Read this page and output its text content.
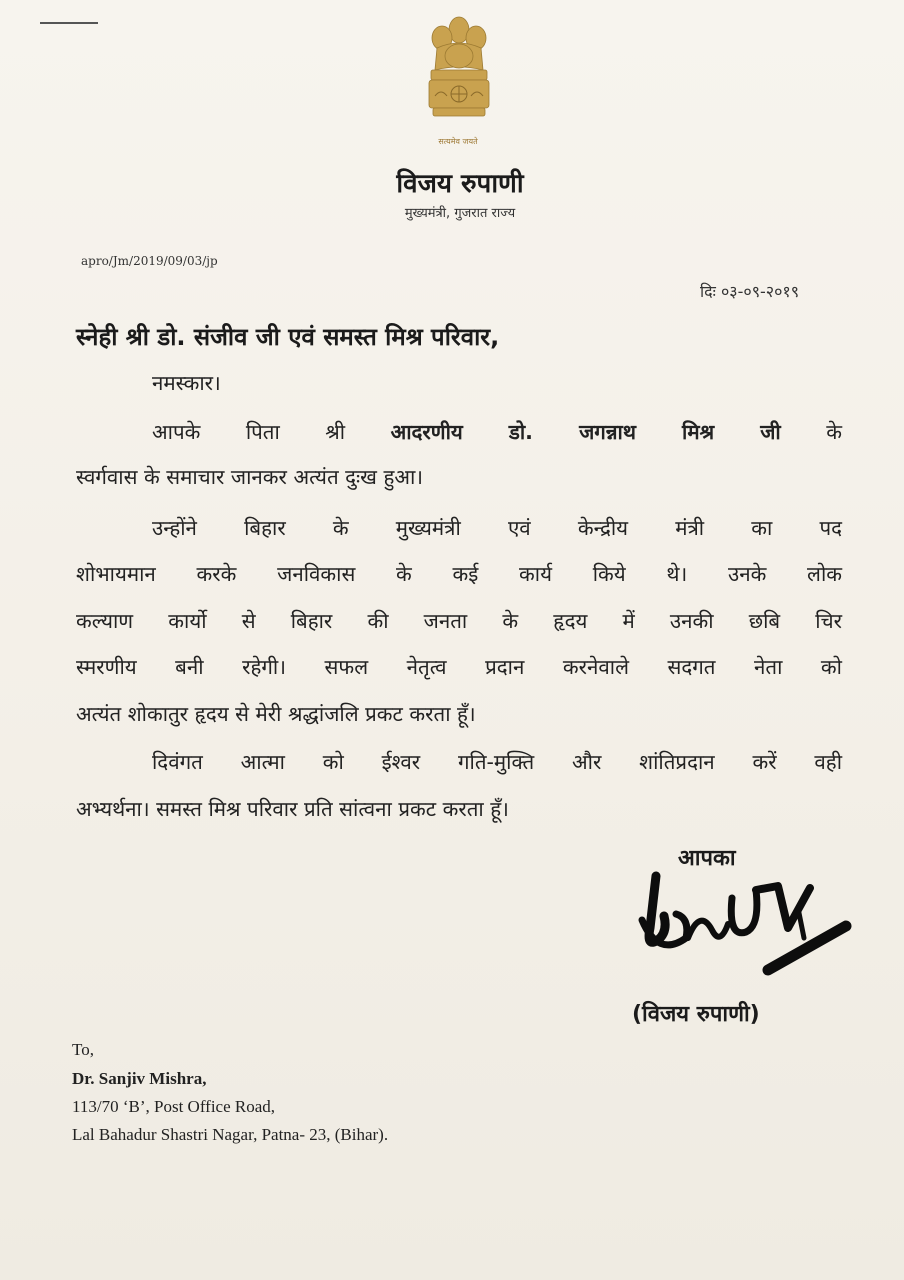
सत्यमेव जयते
विजय रुपाणी
मुख्यमंत्री, गुजरात राज्य
apro/Jm/2019/09/03/jp
दिः ०३-०९-२०१९
स्नेही श्री डो. संजीव जी एवं समस्त मिश्र परिवार,
नमस्कार।
आपके पिता श्री आदरणीय डो. जगन्नाथ मिश्र जी के
स्वर्गवास के समाचार जानकर अत्यंत दुःख हुआ।
उन्होंने बिहार के मुख्यमंत्री एवं केन्द्रीय मंत्री का पद
शोभायमान करके जनविकास के कई कार्य किये थे। उनके लोक
कल्याण कार्यो से बिहार की जनता के हृदय में उनकी छबि चिर
स्मरणीय बनी रहेगी। सफल नेतृत्व प्रदान करनेवाले सदगत नेता को
अत्यंत शोकातुर हृदय से मेरी श्रद्धांजलि प्रकट करता हूँ।
दिवंगत आत्मा को ईश्वर गति-मुक्ति और शांतिप्रदान करें वही
अभ्यर्थना। समस्त मिश्र परिवार प्रति सांत्वना प्रकट करता हूँ।
आपका
(विजय रुपाणी)
To,
Dr. Sanjiv Mishra,
113/70 ‘B’, Post Office Road,
Lal Bahadur Shastri Nagar, Patna- 23, (Bihar).
